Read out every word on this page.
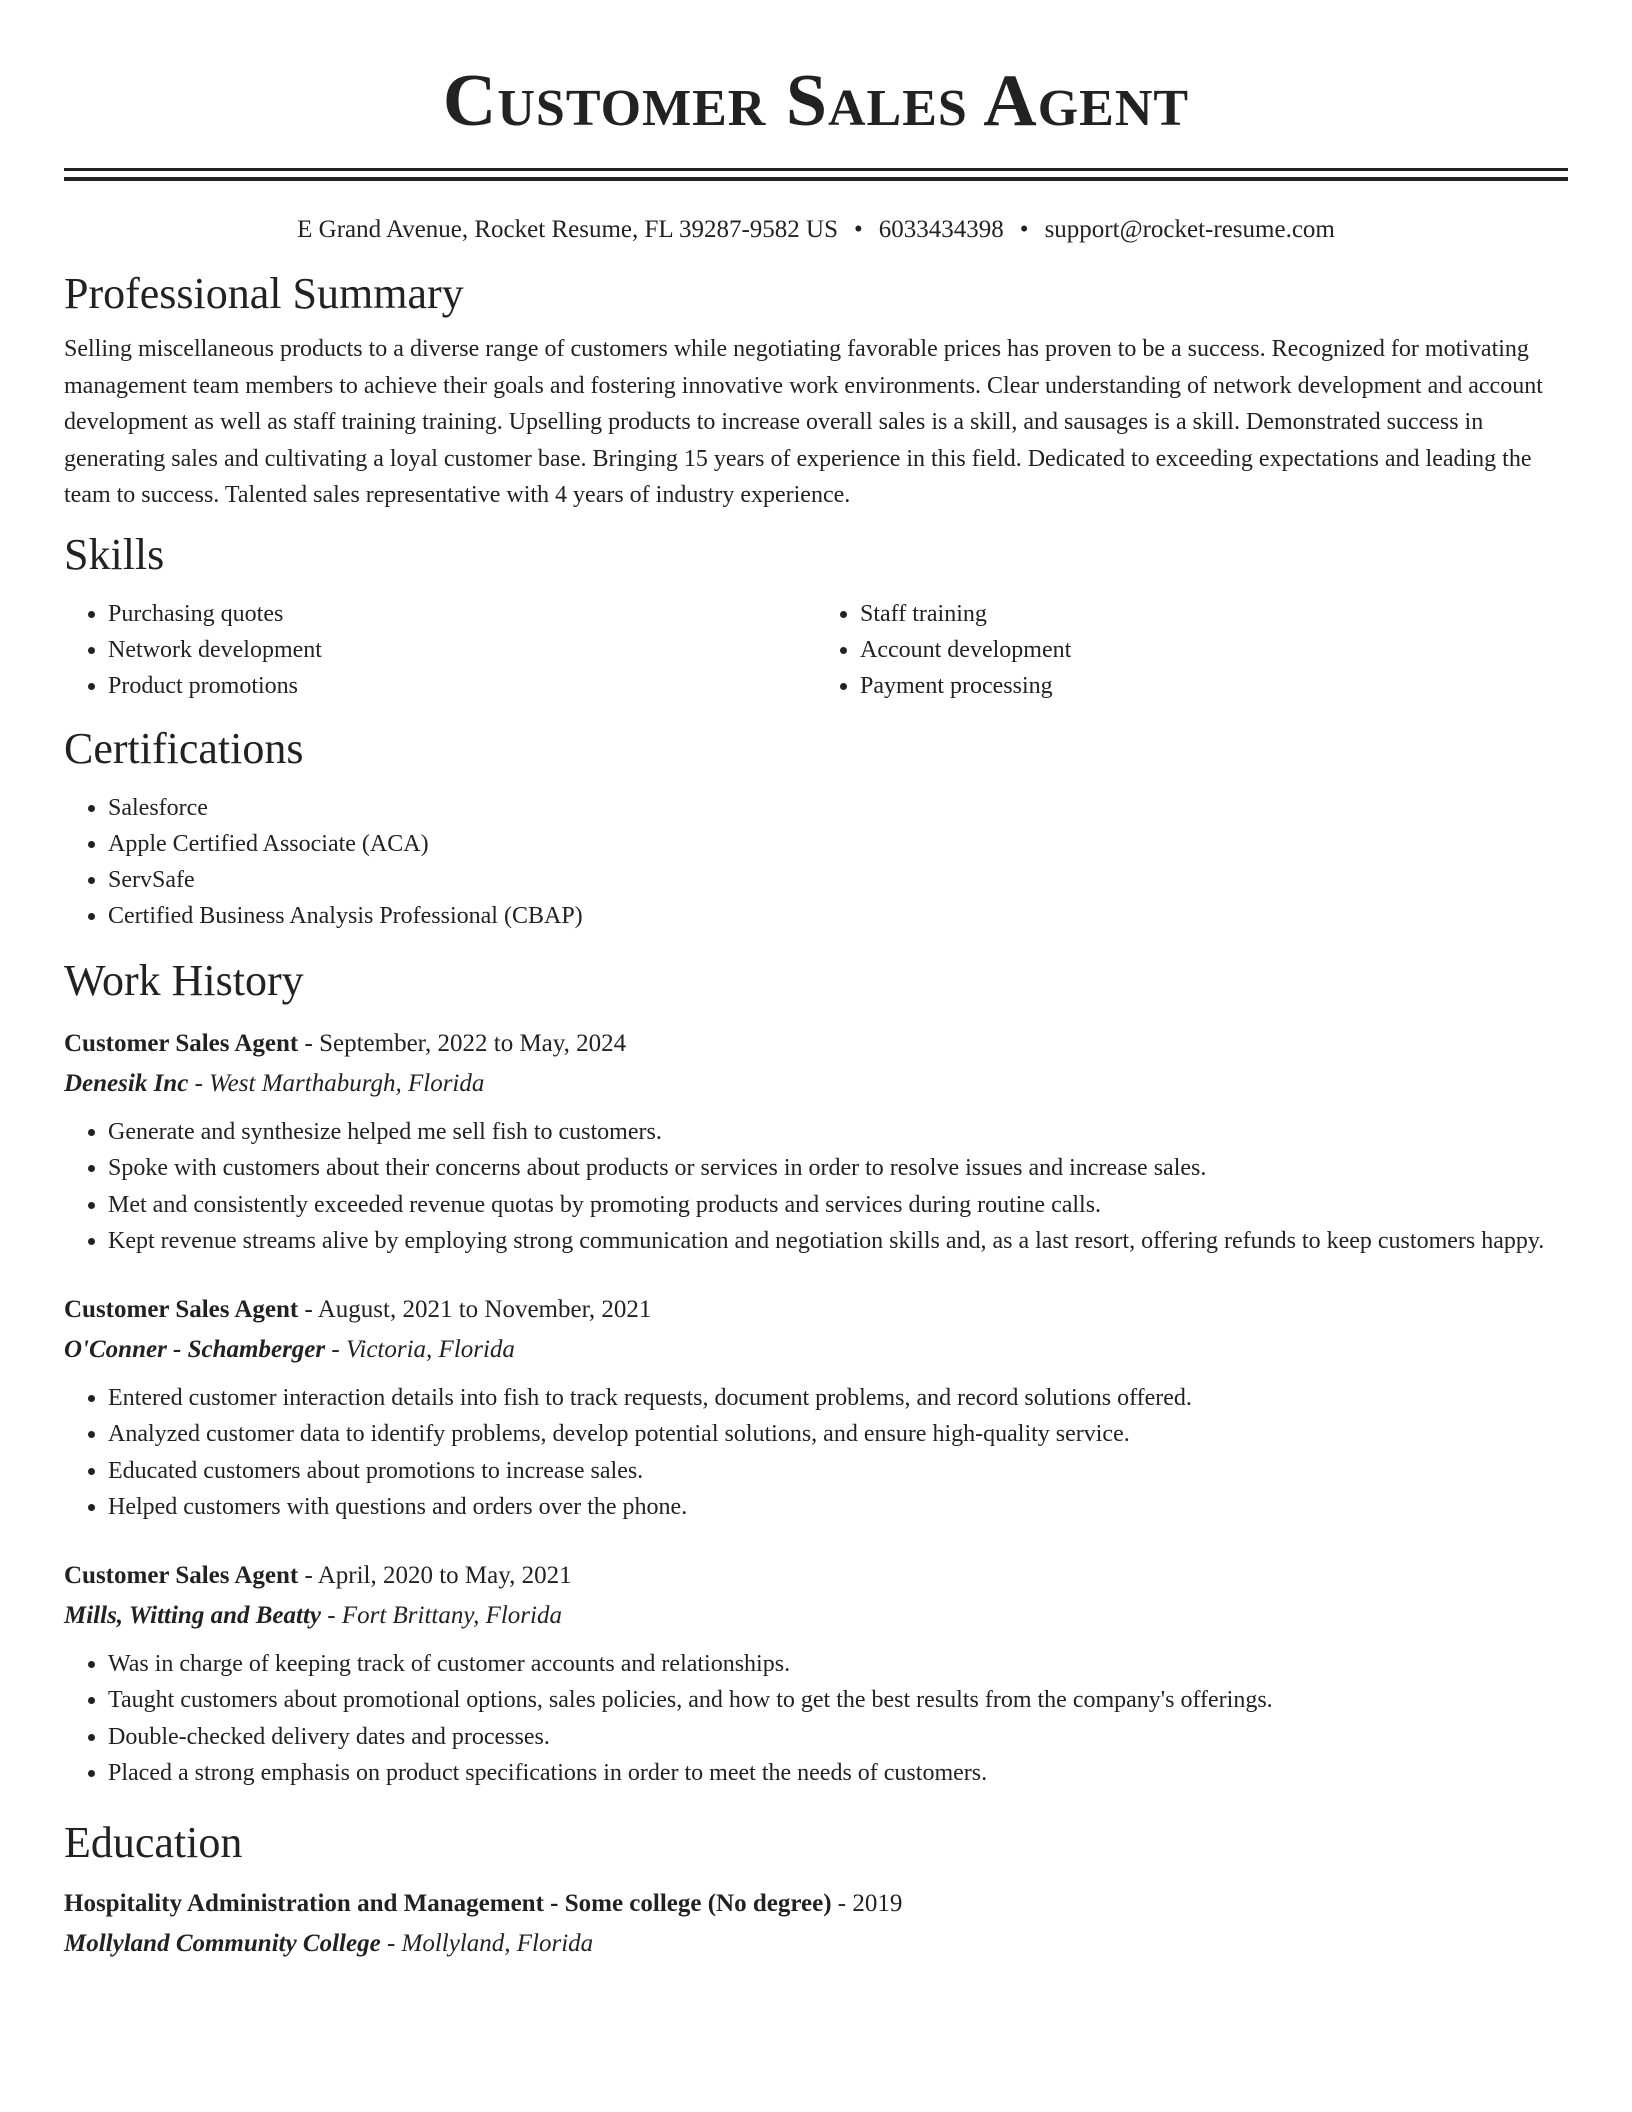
Customer Sales Agent
E Grand Avenue, Rocket Resume, FL 39287-9582 US • 6033434398 • support@rocket-resume.com
Professional Summary

Selling miscellaneous products to a diverse range of customers while negotiating favorable prices has proven to be a success. Recognized for motivating management team members to achieve their goals and fostering innovative work environments. Clear understanding of network development and account development as well as staff training training. Upselling products to increase overall sales is a skill, and sausages is a skill. Demonstrated success in generating sales and cultivating a loyal customer base. Bringing 15 years of experience in this field. Dedicated to exceeding expectations and leading the team to success. Talented sales representative with 4 years of industry experience.

Skills
• Purchasing quotes
• Network development
• Product promotions
• Staff training
• Account development
• Payment processing
Certifications
• Salesforce
• Apple Certified Associate (ACA)
• ServSafe
• Certified Business Analysis Professional (CBAP)
Work History
Customer Sales Agent - September, 2022 to May, 2024
Denesik Inc - West Marthaburgh, Florida
• Generate and synthesize helped me sell fish to customers.
• Spoke with customers about their concerns about products or services in order to resolve issues and increase sales.
• Met and consistently exceeded revenue quotas by promoting products and services during routine calls.
• Kept revenue streams alive by employing strong communication and negotiation skills and, as a last resort, offering refunds to keep customers happy.
Customer Sales Agent - August, 2021 to November, 2021
O'Conner - Schamberger - Victoria, Florida
• Entered customer interaction details into fish to track requests, document problems, and record solutions offered.
• Analyzed customer data to identify problems, develop potential solutions, and ensure high-quality service.
• Educated customers about promotions to increase sales.
• Helped customers with questions and orders over the phone.
Customer Sales Agent - April, 2020 to May, 2021
Mills, Witting and Beatty - Fort Brittany, Florida
• Was in charge of keeping track of customer accounts and relationships.
• Taught customers about promotional options, sales policies, and how to get the best results from the company's offerings.
• Double-checked delivery dates and processes.
• Placed a strong emphasis on product specifications in order to meet the needs of customers.
Education
Hospitality Administration and Management - Some college (No degree) - 2019
Mollyland Community College - Mollyland, Florida
